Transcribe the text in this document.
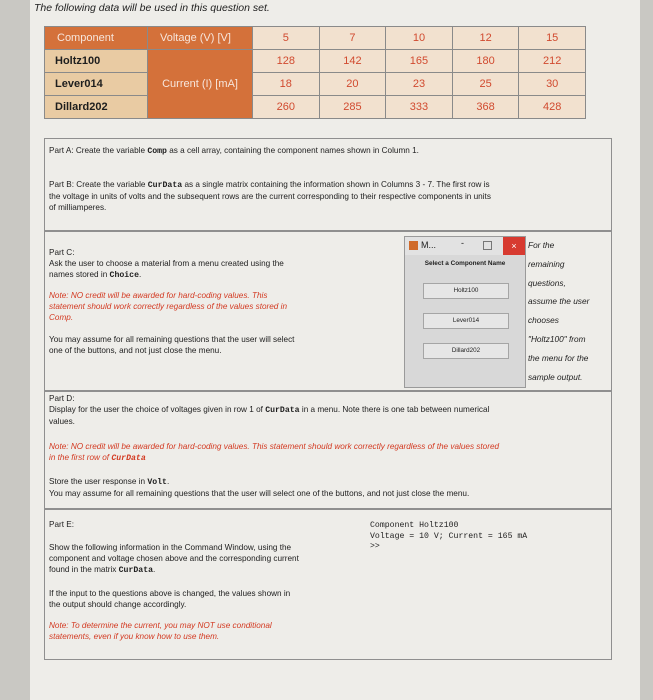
The following data will be used in this question set.
Component	Voltage (V) [V]	5	7	10	12	15
Holtz100	Current (I) [mA]	128	142	165	180	212
Lever014		18	20	23	25	30
Dillard202		260	285	333	368	428
Part A: Create the variable Comp as a cell array, containing the component names shown in Column 1.
Part B: Create the variable CurData as a single matrix containing the information shown in Columns 3 - 7. The first row is
the voltage in units of volts and the subsequent rows are the current corresponding to their respective components in units
of milliamperes.
Part C:
Ask the user to choose a material from a menu created using the
names stored in Choice.
Note: NO credit will be awarded for hard-coding values. This
statement should work correctly regardless of the values stored in
Comp.
You may assume for all remaining questions that the user will select
one of the buttons, and not just close the menu.
M...	-	×
Select a Component Name
Holtz100
Lever014
Dillard202
For the
remaining
questions,
assume the user
chooses
"Holtz100" from
the menu for the
sample output.
Part D:
Display for the user the choice of voltages given in row 1 of CurData in a menu. Note there is one tab between numerical
values.
Note: NO credit will be awarded for hard-coding values. This statement should work correctly regardless of the values stored
in the first row of CurData
Store the user response in Volt.
You may assume for all remaining questions that the user will select one of the buttons, and not just close the menu.
Part E:
Show the following information in the Command Window, using the
component and voltage chosen above and the corresponding current
found in the matrix CurData.
If the input to the questions above is changed, the values shown in
the output should change accordingly.
Note: To determine the current, you may NOT use conditional
statements, even if you know how to use them.
Component Holtz100
Voltage = 10 V; Current = 165 mA
>>
